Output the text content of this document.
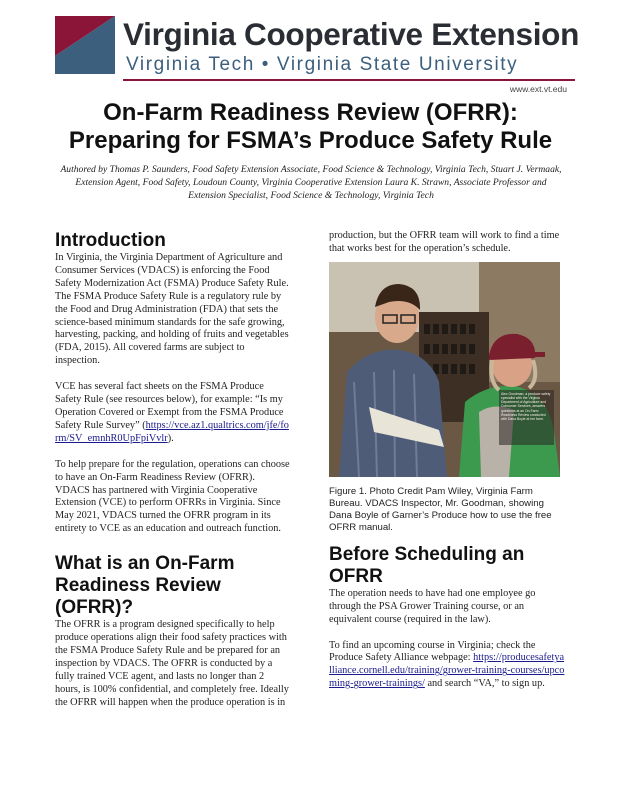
Virginia Cooperative Extension
Virginia Tech • Virginia State University
www.ext.vt.edu
On-Farm Readiness Review (OFRR):
Preparing for FSMA’s Produce Safety Rule
Authored by Thomas P. Saunders, Food Safety Extension Associate, Food Science & Technology, Virginia Tech, Stuart J. Vermaak, Extension Agent, Food Safety, Loudoun County, Virginia Cooperative Extension Laura K. Strawn, Associate Professor and Extension Specialist, Food Science & Technology, Virginia Tech
Introduction

In Virginia, the Virginia Department of Agriculture and Consumer Services (VDACS) is enforcing the Food Safety Modernization Act (FSMA) Produce Safety Rule. The FSMA Produce Safety Rule is a regulatory rule by the Food and Drug Administration (FDA) that sets the science-based minimum standards for the safe growing, harvesting, packing, and holding of fruits and vegetables (FDA, 2015). All covered farms are subject to inspection.

VCE has several fact sheets on the FSMA Produce Safety Rule (see resources below), for example: “Is my Operation Covered or Exempt from the FSMA Produce Safety Rule Survey” (https://vce.az1.qualtrics.com/jfe/form/SV_emnhR0UpFpiVvlr).

To help prepare for the regulation, operations can choose to have an On-Farm Readiness Review (OFRR). VDACS has partnered with Virginia Cooperative Extension (VCE) to perform OFRRs in Virginia. Since May 2021, VDACS turned the OFRR program in its entirety to VCE as an education and outreach function.

What is an On-Farm Readiness Review (OFRR)?

The OFRR is a program designed specifically to help produce operations align their food safety practices with the FSMA Produce Safety Rule and be prepared for an inspection by VDACS. The OFRR is conducted by a fully trained VCE agent, and lasts no longer than 2 hours, is 100% confidential, and completely free. Ideally the OFRR will happen when the produce operation is in

production, but the OFRR team will work to find a time that works best for the operation’s schedule.

Alex Goodman, a produce safety specialist with the Virginia Department of Agriculture and Consumer Services, answers questions at an On-Farm Readiness Review conducted with Dana Boyle at her farm.

Figure 1. Photo Credit Pam Wiley, Virginia Farm Bureau. VDACS Inspector, Mr. Goodman, showing Dana Boyle of Garner’s Produce how to use the free OFRR manual.

Before Scheduling an OFRR

The operation needs to have had one employee go through the PSA Grower Training course, or an equivalent course (required in the law).

To find an upcoming course in Virginia; check the Produce Safety Alliance webpage: https://producesafetyalliance.cornell.edu/training/grower-training-courses/upcoming-grower-trainings/ and search “VA,” to sign up.
